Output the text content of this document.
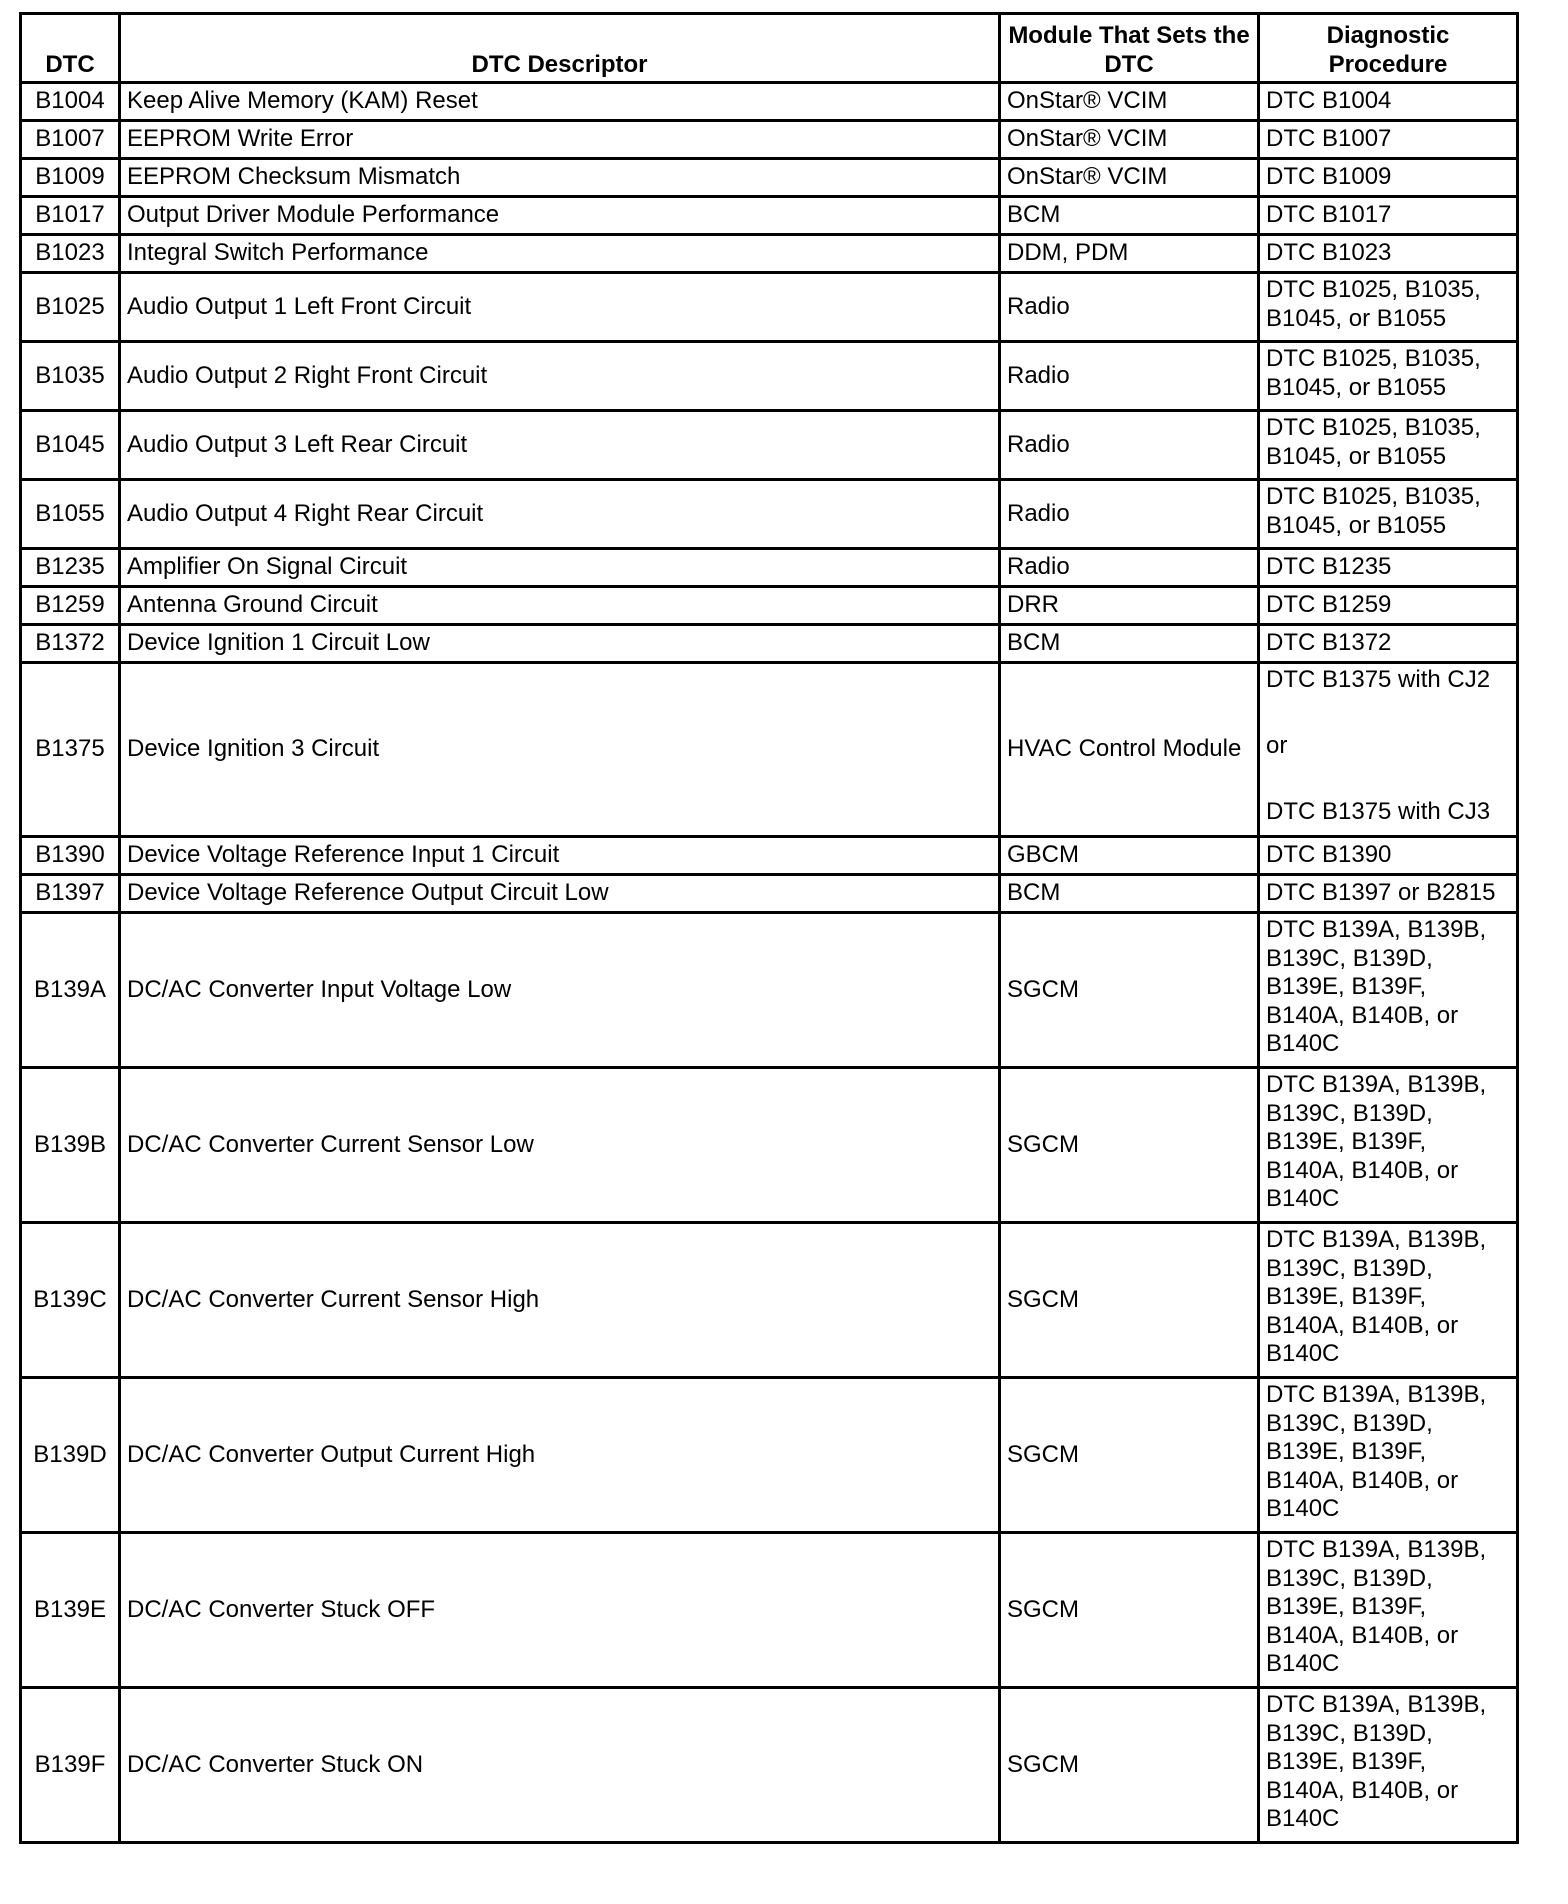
DTC	DTC Descriptor	Module That Sets the DTC	Diagnostic Procedure
B1004	Keep Alive Memory (KAM) Reset	OnStar® VCIM	DTC B1004
B1007	EEPROM Write Error	OnStar® VCIM	DTC B1007
B1009	EEPROM Checksum Mismatch	OnStar® VCIM	DTC B1009
B1017	Output Driver Module Performance	BCM	DTC B1017
B1023	Integral Switch Performance	DDM, PDM	DTC B1023
B1025	Audio Output 1 Left Front Circuit	Radio	DTC B1025, B1035,
B1045, or B1055
B1035	Audio Output 2 Right Front Circuit	Radio	DTC B1025, B1035,
B1045, or B1055
B1045	Audio Output 3 Left Rear Circuit	Radio	DTC B1025, B1035,
B1045, or B1055
B1055	Audio Output 4 Right Rear Circuit	Radio	DTC B1025, B1035,
B1045, or B1055
B1235	Amplifier On Signal Circuit	Radio	DTC B1235
B1259	Antenna Ground Circuit	DRR	DTC B1259
B1372	Device Ignition 1 Circuit Low	BCM	DTC B1372
B1375	Device Ignition 3 Circuit	HVAC Control Module	DTC B1375 with CJ2
or
DTC B1375 with CJ3

B1390	Device Voltage Reference Input 1 Circuit	GBCM	DTC B1390
B1397	Device Voltage Reference Output Circuit Low	BCM	DTC B1397 or B2815
B139A	DC/AC Converter Input Voltage Low	SGCM	DTC B139A, B139B,
B139C, B139D,
B139E, B139F,
B140A, B140B, or
B140C
B139B	DC/AC Converter Current Sensor Low	SGCM	DTC B139A, B139B,
B139C, B139D,
B139E, B139F,
B140A, B140B, or
B140C
B139C	DC/AC Converter Current Sensor High	SGCM	DTC B139A, B139B,
B139C, B139D,
B139E, B139F,
B140A, B140B, or
B140C
B139D	DC/AC Converter Output Current High	SGCM	DTC B139A, B139B,
B139C, B139D,
B139E, B139F,
B140A, B140B, or
B140C
B139E	DC/AC Converter Stuck OFF	SGCM	DTC B139A, B139B,
B139C, B139D,
B139E, B139F,
B140A, B140B, or
B140C
B139F	DC/AC Converter Stuck ON	SGCM	DTC B139A, B139B,
B139C, B139D,
B139E, B139F,
B140A, B140B, or
B140C
